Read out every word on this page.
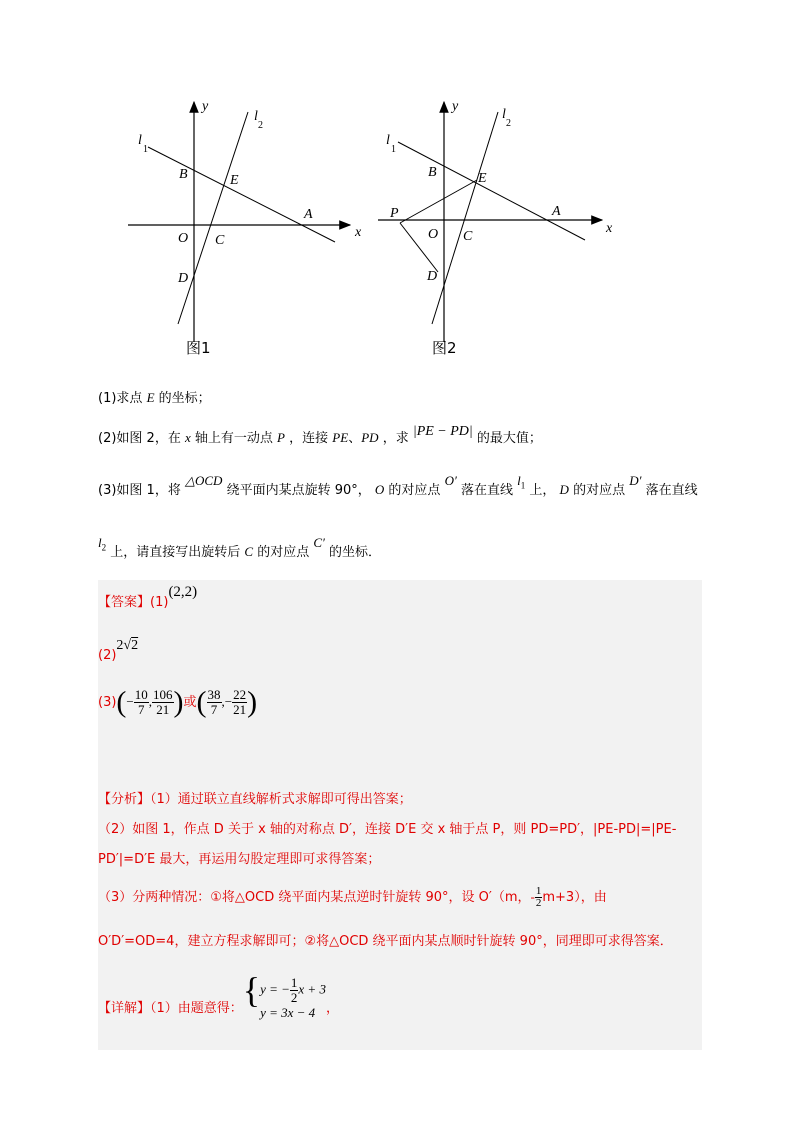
y
x
l
1
l
2
B	E
A
O C
D
图1
y
x
l
1
l
2
B	E
A
P
O C
D
图2
(1)求点 E 的坐标；
(2)如图 2，在 x 轴上有一动点 P ，连接 PE、PD ，求 |PE − PD| 的最大值；
(3)如图 1，将 △OCD 绕平面内某点旋转 90°， O 的对应点 O′ 落在直线 $l_1$ 上， D 的对应点 D′ 落在直线
$l_2$ 上，请直接写出旋转后 C 的对应点 C′ 的坐标．
【答案】(1)(2,2)
(2)2√2
$(3)(- \frac{10}{7}$ , $\frac{106}{21}$ )或( $\frac{38}{7}$ ,− $\frac{22}{21}$ )
【分析】（1）通过联立直线解析式求解即可得出答案；
（2）如图 1，作点 D 关于 x 轴的对称点 D′，连接 D′E 交 x 轴于点 P，则 PD=PD′，|PE-PD|=|PE-
PD′|=D′E 最大，再运用勾股定理即可求得答案；
（3）分两种情况：①将△OCD 绕平面内某点逆时针旋转 90°，设 O′（m，- $\frac{1}{2} m+3$），由
O′D′=OD=4，建立方程求解即可；②将△OCD 绕平面内某点顺时针旋转 90°，同理即可求得答案．
【详解】（1）由题意得：{ y = − $\frac{1}{2}$ x + 3
y = 3x − 4 ，
